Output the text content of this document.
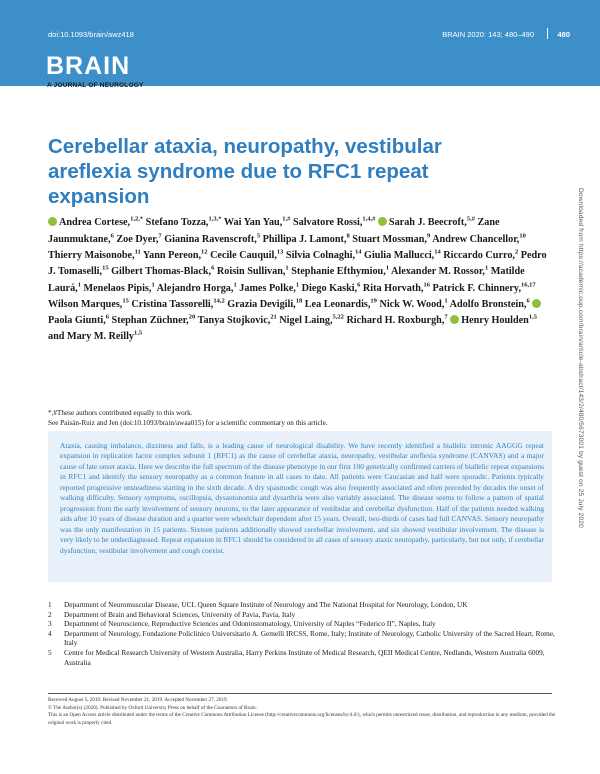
doi:10.1093/brain/awz418	BRAIN 2020: 143; 480–490	480
BRAIN
A JOURNAL OF NEUROLOGY
Cerebellar ataxia, neuropathy, vestibular areflexia syndrome due to RFC1 repeat expansion
Andrea Cortese,$^{1,2,*}$ Stefano Tozza,$^{1,3,*}$ Wai Yan Yau,$^{1,\#}$ Salvatore Rossi,$^{1,4,\#}$ Sarah J. Beecroft,$^{5,\#}$ Zane Jaunmuktane,$^6$ Zoe Dyer,$^7$ Gianina Ravenscroft,$^5$ Phillipa J. Lamont,$^8$ Stuart Mossman,$^9$ Andrew Chancellor,$^{10}$ Thierry Maisonobe,$^{11}$ Yann Pereon,$^{12}$ Cecile Cauquil,$^{13}$ Silvia Colnaghi,$^{14}$ Giulia Mallucci,$^{14}$ Riccardo Curro,$^2$ Pedro J. Tomaselli,$^{15}$ Gilbert Thomas-Black,$^6$ Roisin Sullivan,$^1$ Stephanie Efthymiou,$^1$ Alexander M. Rossor,$^1$ Matilde Laurá,$^1$ Menelaos Pipis,$^1$ Alejandro Horga,$^1$ James Polke,$^1$ Diego Kaski,$^6$ Rita Horvath,$^{16}$ Patrick F. Chinnery,$^{16,17}$ Wilson Marques,$^{15}$ Cristina Tassorelli,$^{14,2}$ Grazia Devigili,$^{18}$ Lea Leonardis,$^{19}$ Nick W. Wood,$^1$ Adolfo Bronstein,$^6$ Paola Giunti,$^6$ Stephan Züchner,$^{20}$ Tanya Stojkovic,$^{21}$ Nigel Laing,$^{5,22}$ Richard H. Roxburgh,$^7$ Henry Houlden$^{1,5}$ and Mary M. Reilly$^{1,5}$
*,#These authors contributed equally to this work.
See Paisán-Ruiz and Jen (doi:10.1093/brain/awaa015) for a scientific commentary on this article.
Ataxia, causing imbalance, dizziness and falls, is a leading cause of neurological disability. We have recently identified a biallelic intronic AAGGG repeat expansion in replication factor complex subunit 1 (RFC1) as the cause of cerebellar ataxia, neuropathy, vestibular areflexia syndrome (CANVAS) and a major cause of late onset ataxia. Here we describe the full spectrum of the disease phenotype in our first 100 genetically confirmed carriers of biallelic repeat expansions in RFC1 and identify the sensory neuropathy as a common feature in all cases to date. All patients were Caucasian and half were sporadic. Patients typically reported progressive unsteadiness starting in the sixth decade. A dry spasmodic cough was also frequently associated and often preceded by decades the onset of walking difficulty. Sensory symptoms, oscillopsia, dysautonomia and dysarthria were also variably associated. The disease seems to follow a pattern of spatial progression from the early involvement of sensory neurons, to the later appearance of vestibular and cerebellar dysfunction. Half of the patients needed walking aids after 10 years of disease duration and a quarter were wheelchair dependent after 15 years. Overall, two-thirds of cases had full CANVAS. Sensory neuropathy was the only manifestation in 15 patients. Sixteen patients additionally showed cerebellar involvement, and six showed vestibular involvement. The disease is very likely to be underdiagnosed. Repeat expansion in RFC1 should be considered in all cases of sensory ataxic neuropathy, particularly, but not only, if cerebellar dysfunction, vestibular involvement and cough coexist.
1 Department of Neuromuscular Disease, UCL Queen Square Institute of Neurology and The National Hospital for Neurology, London, UK
2 Department of Brain and Behavioral Sciences, University of Pavia, Pavia, Italy
3 Department of Neuroscience, Reproductive Sciences and Odontostomatology, University of Naples “Federico II”, Naples, Italy
4 Department of Neurology, Fondazione Policlinico Universitario A. Gemelli IRCSS, Rome, Italy; Institute of Neurology, Catholic University of the Sacred Heart, Rome, Italy
5 Centre for Medical Research University of Western Australia, Harry Perkins Institute of Medical Research, QEII Medical Centre, Nedlands, Western Australia 6009, Australia
Received August 5, 2019. Revised November 21, 2019. Accepted November 27, 2019.
© The Author(s) (2020). Published by Oxford University Press on behalf of the Guarantors of Brain.
This is an Open Access article distributed under the terms of the Creative Commons Attribution License (http://creativecommons.org/licenses/by/4.0/), which permits unrestricted reuse, distribution, and reproduction in any medium, provided the original work is properly cited.
Downloaded from https://academic.oup.com/brain/article-abstract/143/2/480/5673001 by guest on 25 July 2020
